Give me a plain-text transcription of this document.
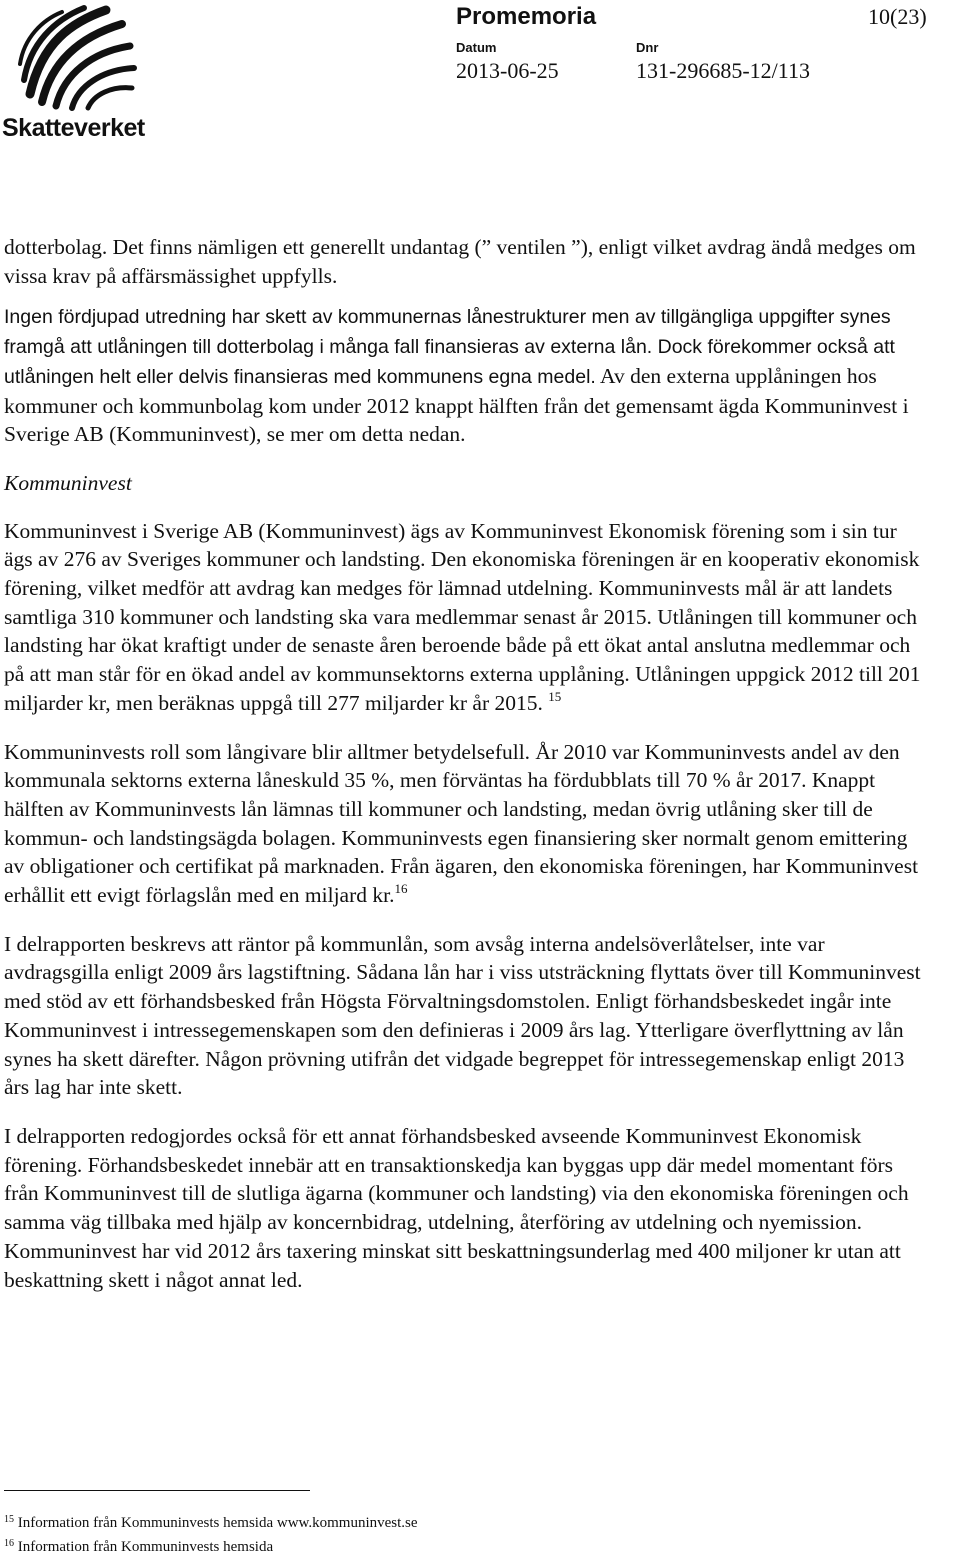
Skatteverket
Promemoria	10(23)
Datum
2013-06-25
Dnr
131-296685-12/113

dotterbolag. Det finns nämligen ett generellt undantag (” ventilen ”), enligt vilket avdrag ändå medges om vissa krav på affärsmässighet uppfylls.

Ingen fördjupad utredning har skett av kommunernas lånestrukturer men av tillgängliga uppgifter synes framgå att utlåningen till dotterbolag i många fall finansieras av externa lån. Dock förekommer också att utlåningen helt eller delvis finansieras med kommunens egna medel. Av den externa upplåningen hos kommuner och kommunbolag kom under 2012 knappt hälften från det gemensamt ägda Kommuninvest i Sverige AB (Kommuninvest), se mer om detta nedan.

Kommuninvest

Kommuninvest i Sverige AB (Kommuninvest) ägs av Kommuninvest Ekonomisk förening som i sin tur ägs av 276 av Sveriges kommuner och landsting. Den ekonomiska föreningen är en kooperativ ekonomisk förening, vilket medför att avdrag kan medges för lämnad utdelning. Kommuninvests mål är att landets samtliga 310 kommuner och landsting ska vara medlemmar senast år 2015. Utlåningen till kommuner och landsting har ökat kraftigt under de senaste åren beroende både på ett ökat antal anslutna medlemmar och på att man står för en ökad andel av kommunsektorns externa upplåning. Utlåningen uppgick 2012 till 201 miljarder kr, men beräknas uppgå till 277 miljarder kr år 2015. $^{15}$

Kommuninvests roll som långivare blir alltmer betydelsefull. År 2010 var Kommuninvests andel av den kommunala sektorns externa låneskuld 35 %, men förväntas ha fördubblats till 70 % år 2017. Knappt hälften av Kommuninvests lån lämnas till kommuner och landsting, medan övrig utlåning sker till de kommun- och landstingsägda bolagen. Kommuninvests egen finansiering sker normalt genom emittering av obligationer och certifikat på marknaden. Från ägaren, den ekonomiska föreningen, har Kommuninvest erhållit ett evigt förlagslån med en miljard kr.$^{16}$

I delrapporten beskrevs att räntor på kommunlån, som avsåg interna andelsöverlåtelser, inte var avdragsgilla enligt 2009 års lagstiftning. Sådana lån har i viss utsträckning flyttats över till Kommuninvest med stöd av ett förhandsbesked från Högsta Förvaltningsdomstolen. Enligt förhandsbeskedet ingår inte Kommuninvest i intressegemenskapen som den definieras i 2009 års lag. Ytterligare överflyttning av lån synes ha skett därefter. Någon prövning utifrån det vidgade begreppet för intressegemenskap enligt 2013 års lag har inte skett.

I delrapporten redogjordes också för ett annat förhandsbesked avseende Kommuninvest Ekonomisk förening. Förhandsbeskedet innebär att en transaktionskedja kan byggas upp där medel momentant förs från Kommuninvest till de slutliga ägarna (kommuner och landsting) via den ekonomiska föreningen och samma väg tillbaka med hjälp av koncernbidrag, utdelning, återföring av utdelning och nyemission. Kommuninvest har vid 2012 års taxering minskat sitt beskattningsunderlag med 400 miljoner kr utan att beskattning skett i något annat led.

$^{15}$ Information från Kommuninvests hemsida www.kommuninvest.se
$^{16}$ Information från Kommuninvests hemsida
